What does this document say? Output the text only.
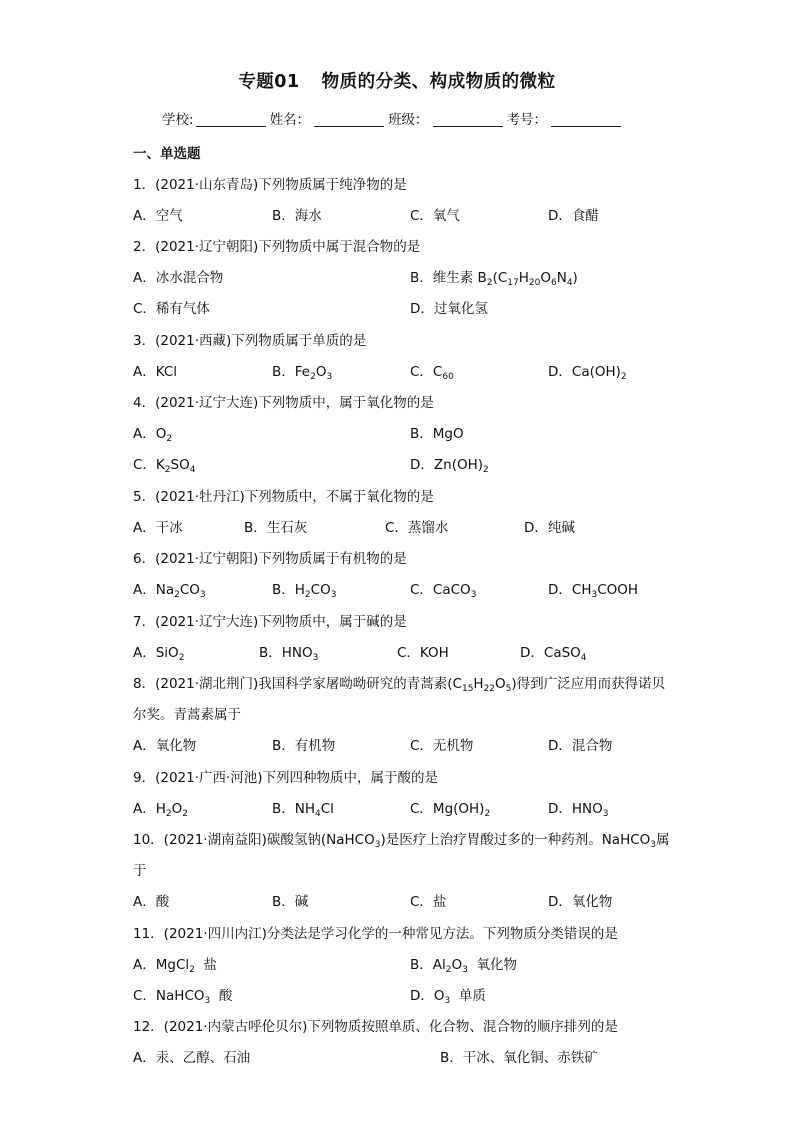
专题01 物质的分类、构成物质的微粒
学校:	姓名：	班级：	考号：
一、单选题
1．(2021·山东青岛)下列物质属于纯净物的是
A．空气	B．海水	C．氧气	D．食醋
2．(2021·辽宁朝阳)下列物质中属于混合物的是
A．冰水混合物	B．维生素 $B_2(C_{17}H_{20}O_6N_4)$
C．稀有气体	D．过氧化氢
3．(2021·西藏)下列物质属于单质的是
A．KCl	B．$Fe_2O_3$	C．$C_{60}$	D．$Ca(OH)_2$
4．(2021·辽宁大连)下列物质中，属于氧化物的是
A．$O_2$	B．MgO
C．$K_2SO_4$	D．$Zn(OH)_2$
5．(2021·牡丹江)下列物质中，不属于氧化物的是
A．干冰	B．生石灰	C．蒸馏水	D．纯碱
6．(2021·辽宁朝阳)下列物质属于有机物的是
A．$Na_2CO_3$	B．$H_2CO_3$	C．CaCO$_3$	D．$CH_3COOH$
7．(2021·辽宁大连)下列物质中，属于碱的是
A．SiO$_2$	B．$HNO_3$	C．KOH	D．CaSO$_4$
8．(2021·湖北荆门)我国科学家屠呦呦研究的青蒿素$(C_{15}H_{22}O_5)$得到广泛应用而获得诺贝
尔奖。青蒿素属于
A．氧化物	B．有机物	C．无机物	D．混合物
9．(2021·广西·河池)下列四种物质中，属于酸的是
A．$H_2O_2$	B．$NH_4Cl$	C．$Mg(OH)_2$	D．$HNO_3$
10．(2021·湖南益阳)碳酸氢钠(NaHCO$_3$)是医疗上治疗胃酸过多的一种药剂。NaHCO$_3$属
于
A．酸	B．碱	C．盐	D．氧化物
11．(2021·四川内江)分类法是学习化学的一种常见方法。下列物质分类错误的是
A．MgCl$_2$  盐	B．$Al_2O_3$  氧化物
C．NaHCO$_3$  酸	D．$O_3$  单质
12．(2021·内蒙古呼伦贝尔)下列物质按照单质、化合物、混合物的顺序排列的是
A．汞、乙醇、石油	B．干冰、氧化铜、赤铁矿
